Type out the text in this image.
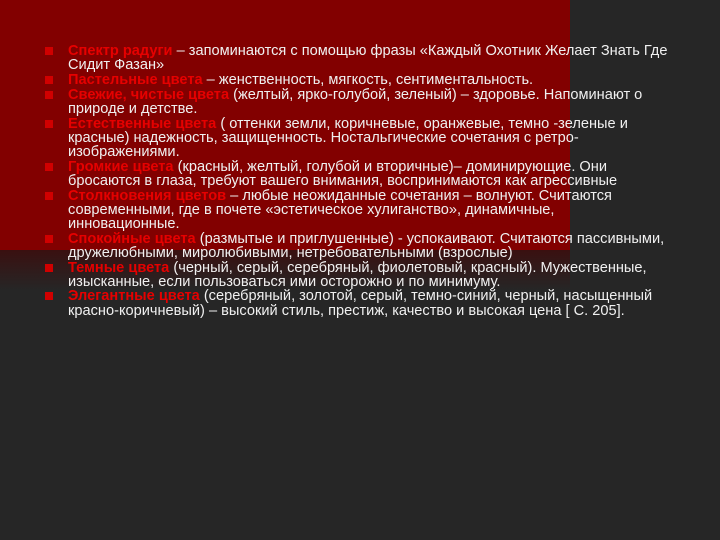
Спектр радуги – запоминаются с помощью фразы «Каждый Охотник Желает Знать Где Сидит Фазан»
Пастельные цвета – женственность, мягкость, сентиментальность.
Свежие, чистые цвета (желтый, ярко-голубой, зеленый) – здоровье. Напоминают о природе и детстве.
Естественные цвета ( оттенки земли, коричневые, оранжевые, темно -зеленые и красные) надежность, защищенность. Ностальгические сочетания с ретро-изображениями.
Громкие цвета (красный, желтый, голубой и вторичные)– доминирующие. Они бросаются в глаза, требуют вашего внимания, воспринимаются как агрессивные
Столкновения цветов – любые неожиданные сочетания – волнуют. Считаются современными, где в почете «эстетическое хулиганство», динамичные, инновационные.
Спокойные цвета (размытые и приглушенные) - успокаивают. Считаются пассивными, дружелюбными, миролюбивыми, нетребовательными (взрослые)
Темные цвета (черный, серый, серебряный, фиолетовый, красный). Мужественные, изысканные, если пользоваться ими осторожно и по минимуму.
Элегантные цвета (серебряный, золотой, серый, темно-синий, черный, насыщенный красно-коричневый) – высокий стиль, престиж, качество и высокая цена [ С. 205].
